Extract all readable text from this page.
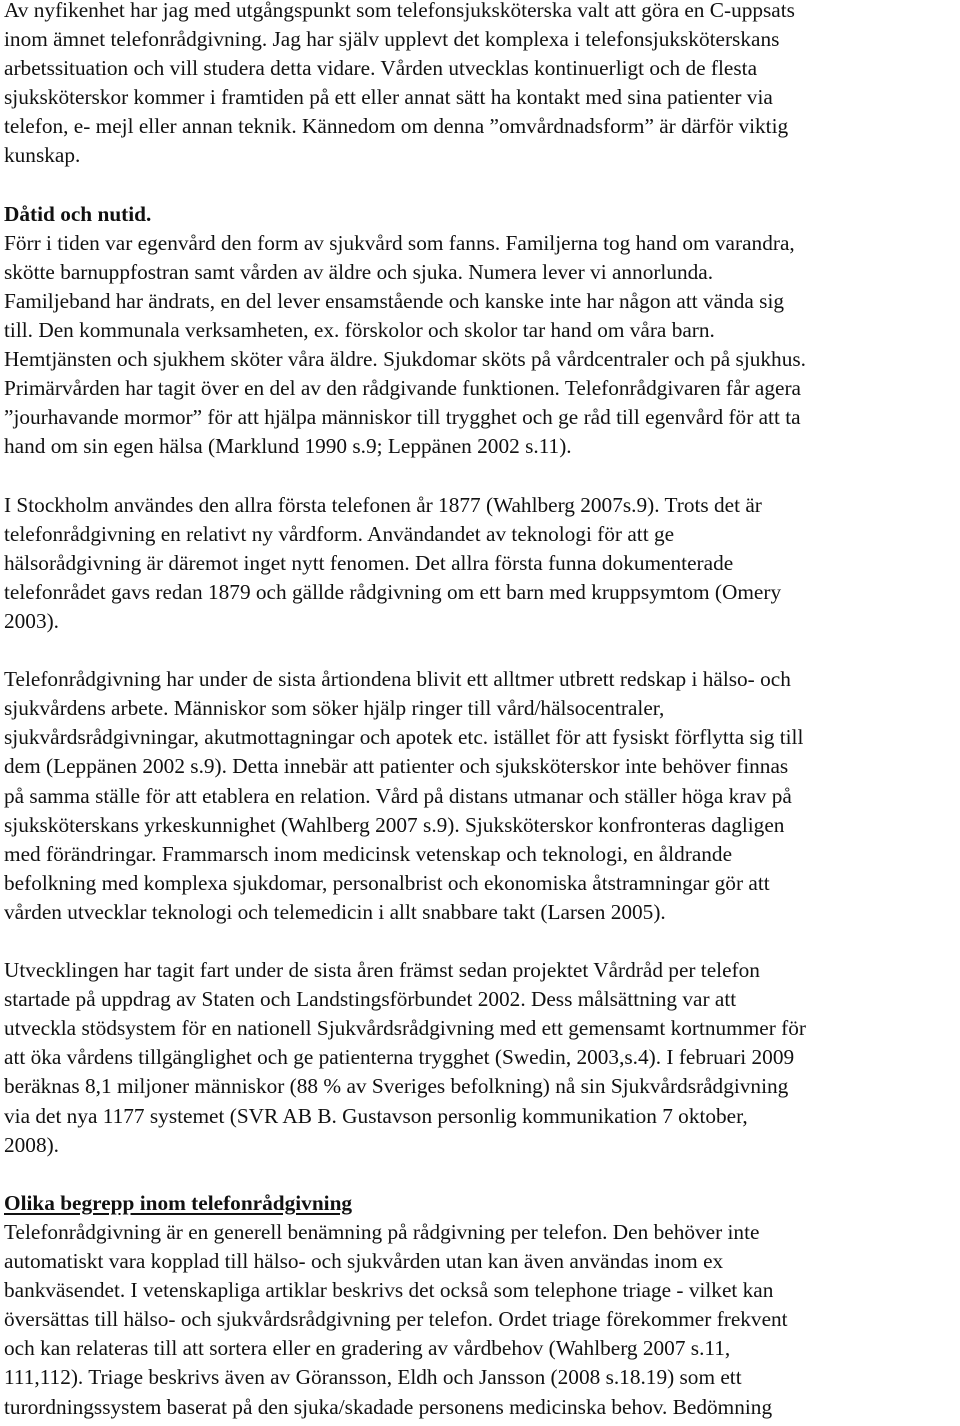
Av nyfikenhet har jag med utgångspunkt som telefonsjuksköterska valt att göra en C-uppsats
inom ämnet telefonrådgivning. Jag har själv upplevt det komplexa i telefonsjuksköterskans
arbetssituation och vill studera detta vidare. Vården utvecklas kontinuerligt och de flesta
sjuksköterskor kommer i framtiden på ett eller annat sätt ha kontakt med sina patienter via
telefon, e- mejl eller annan teknik. Kännedom om denna ”omvårdnadsform” är därför viktig
kunskap.

Dåtid och nutid.

Förr i tiden var egenvård den form av sjukvård som fanns. Familjerna tog hand om varandra,
skötte barnuppfostran samt vården av äldre och sjuka. Numera lever vi annorlunda.
Familjeband har ändrats, en del lever ensamstående och kanske inte har någon att vända sig
till. Den kommunala verksamheten, ex. förskolor och skolor tar hand om våra barn.
Hemtjänsten och sjukhem sköter våra äldre. Sjukdomar sköts på vårdcentraler och på sjukhus.
Primärvården har tagit över en del av den rådgivande funktionen. Telefonrådgivaren får agera
”jourhavande mormor” för att hjälpa människor till trygghet och ge råd till egenvård för att ta
hand om sin egen hälsa (Marklund 1990 s.9; Leppänen 2002 s.11).

I Stockholm användes den allra första telefonen år 1877 (Wahlberg 2007s.9). Trots det är
telefonrådgivning en relativt ny vårdform. Användandet av teknologi för att ge
hälsorådgivning är däremot inget nytt fenomen. Det allra första funna dokumenterade
telefonrådet gavs redan 1879 och gällde rådgivning om ett barn med kruppsymtom (Omery
2003).

Telefonrådgivning har under de sista årtiondena blivit ett alltmer utbrett redskap i hälso- och
sjukvårdens arbete. Människor som söker hjälp ringer till vård/hälsocentraler,
sjukvårdsrådgivningar, akutmottagningar och apotek etc. istället för att fysiskt förflytta sig till
dem (Leppänen 2002 s.9). Detta innebär att patienter och sjuksköterskor inte behöver finnas
på samma ställe för att etablera en relation. Vård på distans utmanar och ställer höga krav på
sjuksköterskans yrkeskunnighet (Wahlberg 2007 s.9). Sjuksköterskor konfronteras dagligen
med förändringar. Frammarsch inom medicinsk vetenskap och teknologi, en åldrande
befolkning med komplexa sjukdomar, personalbrist och ekonomiska åtstramningar gör att
vården utvecklar teknologi och telemedicin i allt snabbare takt (Larsen 2005).

Utvecklingen har tagit fart under de sista åren främst sedan projektet Vårdråd per telefon
startade på uppdrag av Staten och Landstingsförbundet 2002. Dess målsättning var att
utveckla stödsystem för en nationell Sjukvårdsrådgivning med ett gemensamt kortnummer för
att öka vårdens tillgänglighet och ge patienterna trygghet (Swedin, 2003,s.4). I februari 2009
beräknas 8,1 miljoner människor (88 % av Sveriges befolkning) nå sin Sjukvårdsrådgivning
via det nya 1177 systemet (SVR AB B. Gustavson personlig kommunikation 7 oktober,
2008).

Olika begrepp inom telefonrådgivning

Telefonrådgivning är en generell benämning på rådgivning per telefon. Den behöver inte
automatiskt vara kopplad till hälso- och sjukvården utan kan även användas inom ex
bankväsendet. I vetenskapliga artiklar beskrivs det också som telephone triage - vilket kan
översättas till hälso- och sjukvårdsrådgivning per telefon. Ordet triage förekommer frekvent
och kan relateras till att sortera eller en gradering av vårdbehov (Wahlberg 2007 s.11,
111,112). Triage beskrivs även av Göransson, Eldh och Jansson (2008 s.18.19) som ett
turordningssystem baserat på den sjuka/skadade personens medicinska behov. Bedömning
